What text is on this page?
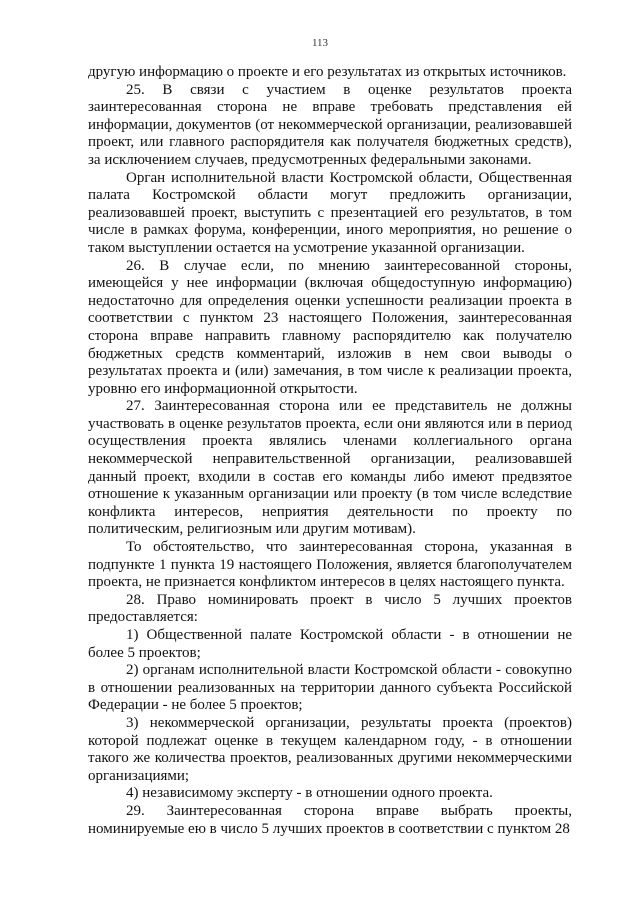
113

другую информацию о проекте и его результатах из открытых источников.

25. В связи с участием в оценке результатов проекта заинтересованная сторона не вправе требовать представления ей информации, документов (от некоммерческой организации, реализовавшей проект, или главного распорядителя как получателя бюджетных средств), за исключением случаев, предусмотренных федеральными законами.

Орган исполнительной власти Костромской области, Общественная палата Костромской области могут предложить организации, реализовавшей проект, выступить с презентацией его результатов, в том числе в рамках форума, конференции, иного мероприятия, но решение о таком выступлении остается на усмотрение указанной организации.

26. В случае если, по мнению заинтересованной стороны, имеющейся у нее информации (включая общедоступную информацию) недостаточно для определения оценки успешности реализации проекта в соответствии с пунктом 23 настоящего Положения, заинтересованная сторона вправе направить главному распорядителю как получателю бюджетных средств комментарий, изложив в нем свои выводы о результатах проекта и (или) замечания, в том числе к реализации проекта, уровню его информационной открытости.

27. Заинтересованная сторона или ее представитель не должны участвовать в оценке результатов проекта, если они являются или в период осуществления проекта являлись членами коллегиального органа некоммерческой неправительственной организации, реализовавшей данный проект, входили в состав его команды либо имеют предвзятое отношение к указанным организации или проекту (в том числе вследствие конфликта интересов, неприятия деятельности по проекту по политическим, религиозным или другим мотивам).

То обстоятельство, что заинтересованная сторона, указанная в подпункте 1 пункта 19 настоящего Положения, является благополучателем проекта, не признается конфликтом интересов в целях настоящего пункта.

28. Право номинировать проект в число 5 лучших проектов предоставляется:

1) Общественной палате Костромской области - в отношении не более 5 проектов;

2) органам исполнительной власти Костромской области - совокупно в отношении реализованных на территории данного субъекта Российской Федерации - не более 5 проектов;

3) некоммерческой организации, результаты проекта (проектов) которой подлежат оценке в текущем календарном году, - в отношении такого же количества проектов, реализованных другими некоммерческими организациями;

4) независимому эксперту - в отношении одного проекта.

29. Заинтересованная сторона вправе выбрать проекты, номинируемые ею в число 5 лучших проектов в соответствии с пунктом 28
